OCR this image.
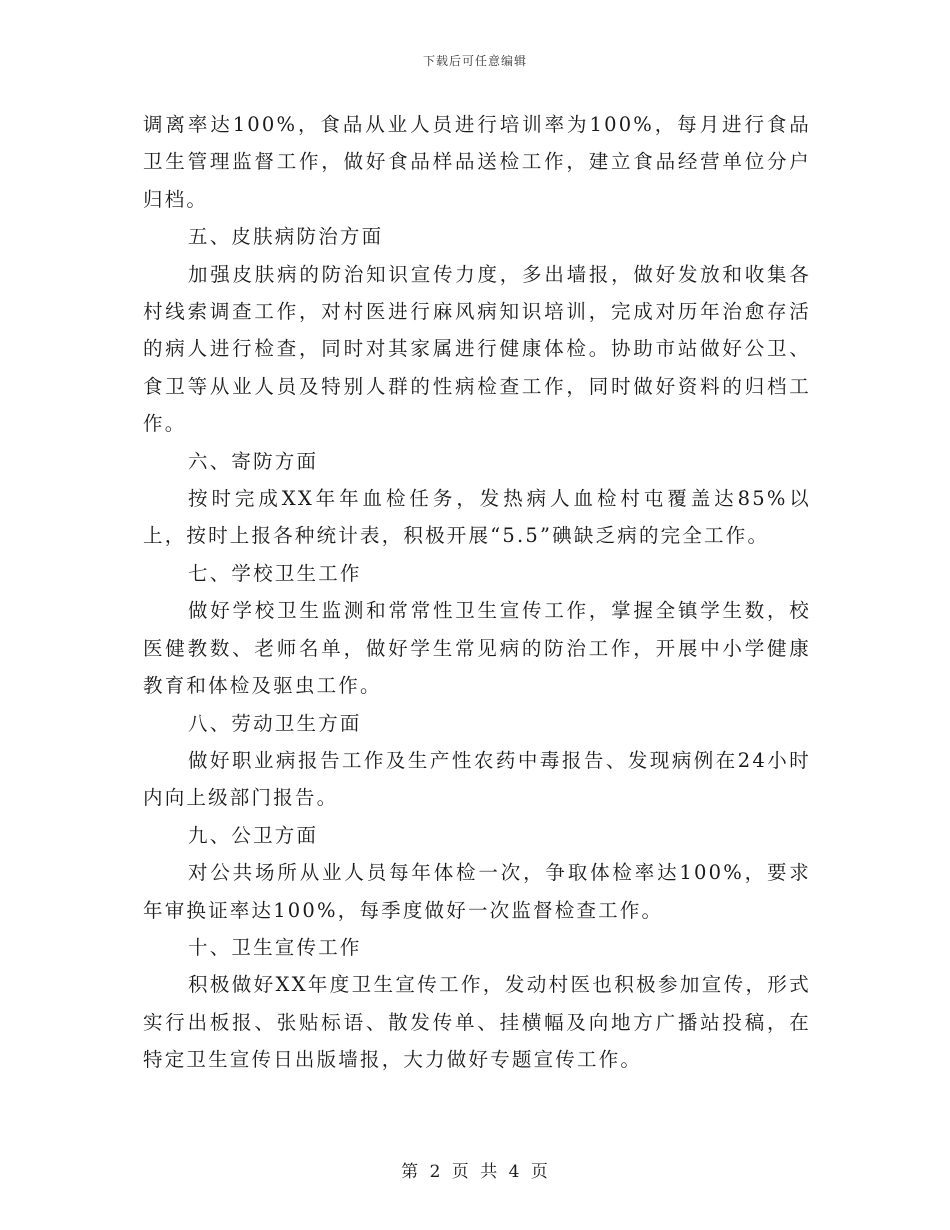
下载后可任意编辑

调离率达100%，食品从业人员进行培训率为100%，每月进行食品卫生管理监督工作，做好食品样品送检工作，建立食品经营单位分户归档。

五、皮肤病防治方面

加强皮肤病的防治知识宣传力度，多出墙报，做好发放和收集各村线索调查工作，对村医进行麻风病知识培训，完成对历年治愈存活的病人进行检查，同时对其家属进行健康体检。协助市站做好公卫、食卫等从业人员及特别人群的性病检查工作，同时做好资料的归档工作。

六、寄防方面

按时完成XX年年血检任务，发热病人血检村屯覆盖达85%以上，按时上报各种统计表，积极开展“5.5”碘缺乏病的完全工作。

七、学校卫生工作

做好学校卫生监测和常常性卫生宣传工作，掌握全镇学生数，校医健教数、老师名单，做好学生常见病的防治工作，开展中小学健康教育和体检及驱虫工作。

八、劳动卫生方面

做好职业病报告工作及生产性农药中毒报告、发现病例在24小时内向上级部门报告。

九、公卫方面

对公共场所从业人员每年体检一次，争取体检率达100%，要求年审换证率达100%，每季度做好一次监督检查工作。

十、卫生宣传工作

积极做好XX年度卫生宣传工作，发动村医也积极参加宣传，形式实行出板报、张贴标语、散发传单、挂横幅及向地方广播站投稿，在特定卫生宣传日出版墙报，大力做好专题宣传工作。

第 2 页 共 4 页
